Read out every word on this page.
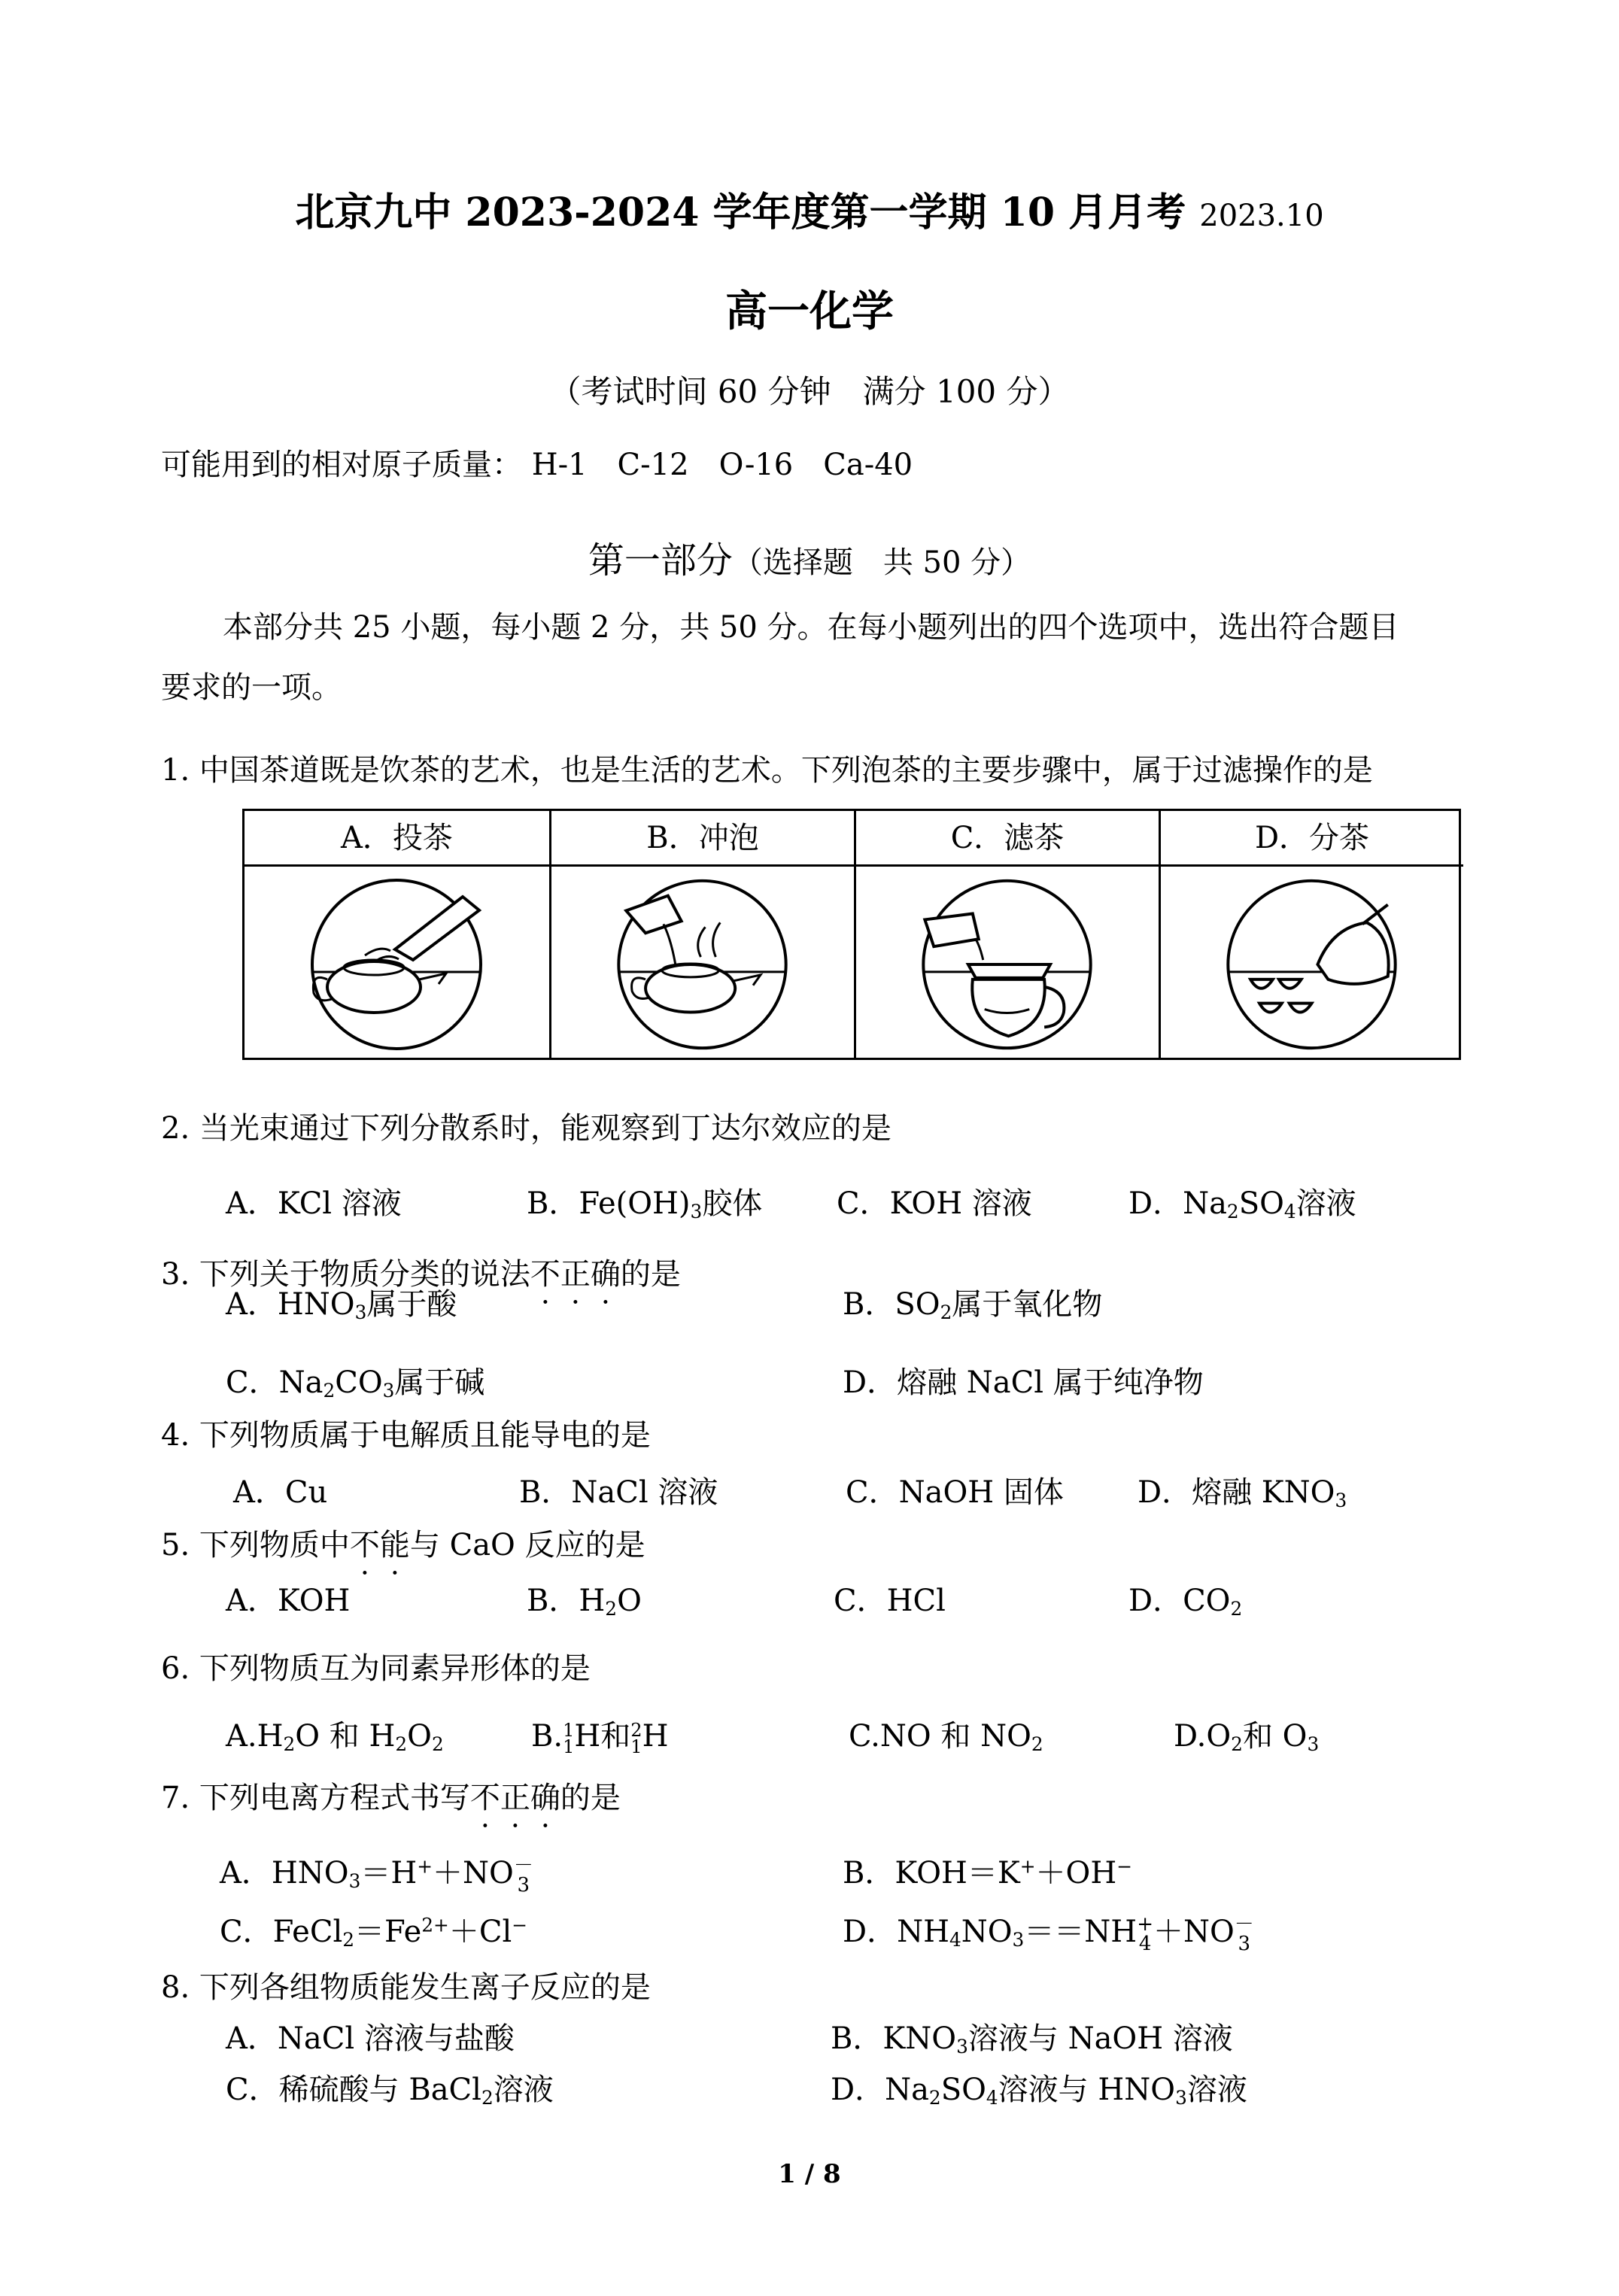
北京九中 2023-2024 学年度第一学期 10 月月考 2023.10
高一化学
（考试时间 60 分钟　满分 100 分）
可能用到的相对原子质量： H-1　C-12　O-16　Ca-40
第一部分（选择题　共 50 分）
本部分共 25 小题，每小题 2 分，共 50 分。在每小题列出的四个选项中，选出符合题目
要求的一项。
1. 中国茶道既是饮茶的艺术，也是生活的艺术。下列泡茶的主要步骤中，属于过滤操作的是
A．投茶	B．冲泡	C．滤茶	D．分茶
2. 当光束通过下列分散系时，能观察到丁达尔效应的是
A．KCl 溶液	B．$Fe(OH)_3$胶体 C．KOH 溶液	D．$Na_2SO_4$溶液
3. 下列关于物质分类的说法不正确的是
A．$HNO_3$属于酸	B．$SO_2$属于氧化物
C．$Na_2CO_3$属于碱	D．熔融 NaCl 属于纯净物
4. 下列物质属于电解质且能导电的是
A．Cu	B．NaCl 溶液	C．NaOH 固体 D．熔融 $KNO_3$
5. 下列物质中不能与 CaO 反应的是
A．KOH	B．$H_2O$	C．HCl	D．$CO_2$
6. 下列物质互为同素异形体的是
$A.H_2O$ 和 $H_2O_2$	B. 1
1 H和 2
1 H	C.NO 和 $NO_2$	$D.O_2$和 $O_3$
7. 下列电离方程式书写不正确的是
A．$HNO_3=H^++NO$ －
3	B．KOH＝K+＋OH−
C．$FeCl_2=Fe^{2+}+Cl^-$	D．$NH_4NO_3==NH$ +
4 ＋NO －
3
8. 下列各组物质能发生离子反应的是
A．NaCl 溶液与盐酸	B．$KNO_3$溶液与 NaOH 溶液
C．稀硫酸与 BaCl$_2$溶液	D．$Na_2SO_4$溶液与 $HNO_3$溶液
1 / 8
